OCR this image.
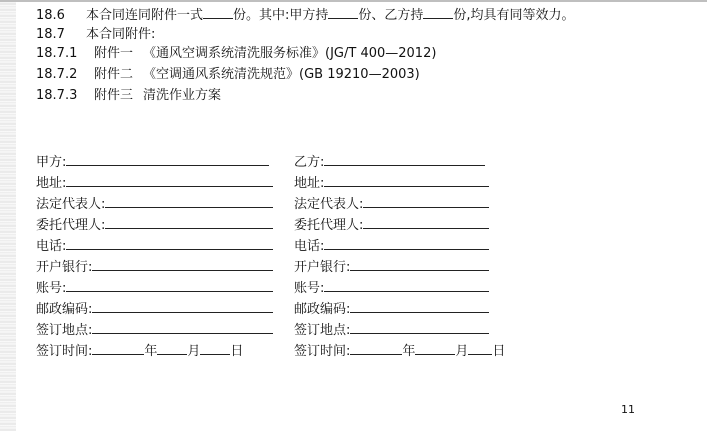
18.6 本合同连同附件一式 份。其中:甲方持 份、乙方持 份,均具有同等效力。
18.7 本合同附件:
18.7.1 附件一 《通风空调系统清洗服务标准》(JG/T 400—2012)
18.7.2 附件二 《空调通风系统清洗规范》(GB 19210—2003)
18.7.3 附件三 清洗作业方案
甲方:
地址:
法定代表人:
委托代理人:
电话:
开户银行:
账号:
邮政编码:
签订地点:
签订时间:	年 月 日
乙方:
地址:
法定代表人:
委托代理人:
电话:
开户银行:
账号:
邮政编码:
签订地点:
签订时间:	年	月 日
11
